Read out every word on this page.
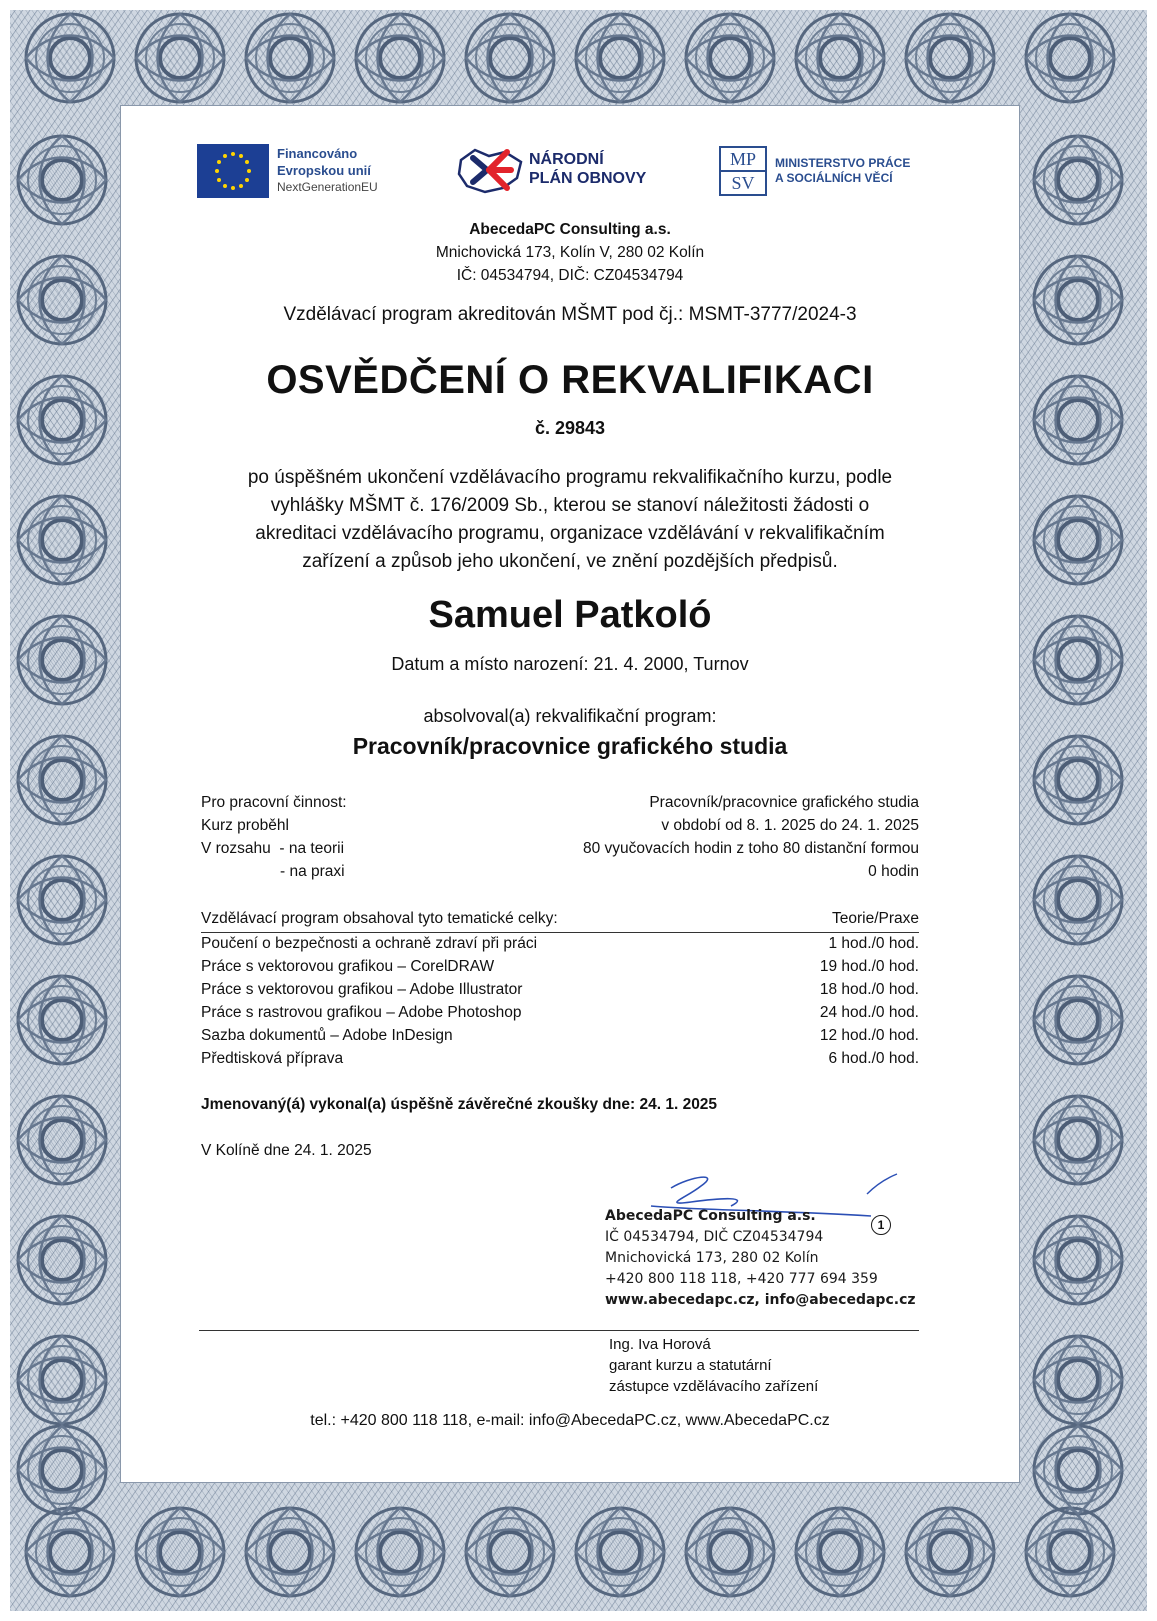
Financováno
Evropskou unií
NextGenerationEU
NÁRODNÍ
PLÁN OBNOVY
MP
SV
MINISTERSTVO PRÁCE
A SOCIÁLNÍCH VĚCÍ
AbecedaPC Consulting a.s.
Mnichovická 173, Kolín V, 280 02 Kolín
IČ: 04534794, DIČ: CZ04534794
Vzdělávací program akreditován MŠMT pod čj.: MSMT-3777/2024-3
OSVĚDČENÍ O REKVALIFIKACI
č. 29843
po úspěšném ukončení vzdělávacího programu rekvalifikačního kurzu, podle
vyhlášky MŠMT č. 176/2009 Sb., kterou se stanoví náležitosti žádosti o
akreditaci vzdělávacího programu, organizace vzdělávání v rekvalifikačním
zařízení a způsob jeho ukončení, ve znění pozdějších předpisů.
Samuel Patkoló
Datum a místo narození: 21. 4. 2000, Turnov
absolvoval(a) rekvalifikační program:
Pracovník/pracovnice grafického studia
Pro pracovní činnost:	Pracovník/pracovnice grafického studia
Kurz proběhl	v období od 8. 1. 2025 do 24. 1. 2025
V rozsahu  - na teorii	80 vyučovacích hodin z toho 80 distanční formou
- na praxi	0 hodin
Vzdělávací program obsahoval tyto tematické celky:	Teorie/Praxe
Poučení o bezpečnosti a ochraně zdraví při práci	1 hod./0 hod.
Práce s vektorovou grafikou – CorelDRAW	19 hod./0 hod.
Práce s vektorovou grafikou – Adobe Illustrator	18 hod./0 hod.
Práce s rastrovou grafikou – Adobe Photoshop	24 hod./0 hod.
Sazba dokumentů – Adobe InDesign	12 hod./0 hod.
Předtisková příprava	6 hod./0 hod.
Jmenovaný(á) vykonal(a) úspěšně závěrečné zkoušky dne: 24. 1. 2025
V Kolíně dne 24. 1. 2025
AbecedaPC Consulting a.s.
IČ 04534794, DIČ CZ04534794
Mnichovická 173, 280 02 Kolín
+420 800 118 118, +420 777 694 359
www.abecedapc.cz, info@abecedapc.cz
1
Ing. Iva Horová
garant kurzu a statutární
zástupce vzdělávacího zařízení
tel.: +420 800 118 118, e-mail: info@AbecedaPC.cz, www.AbecedaPC.cz
